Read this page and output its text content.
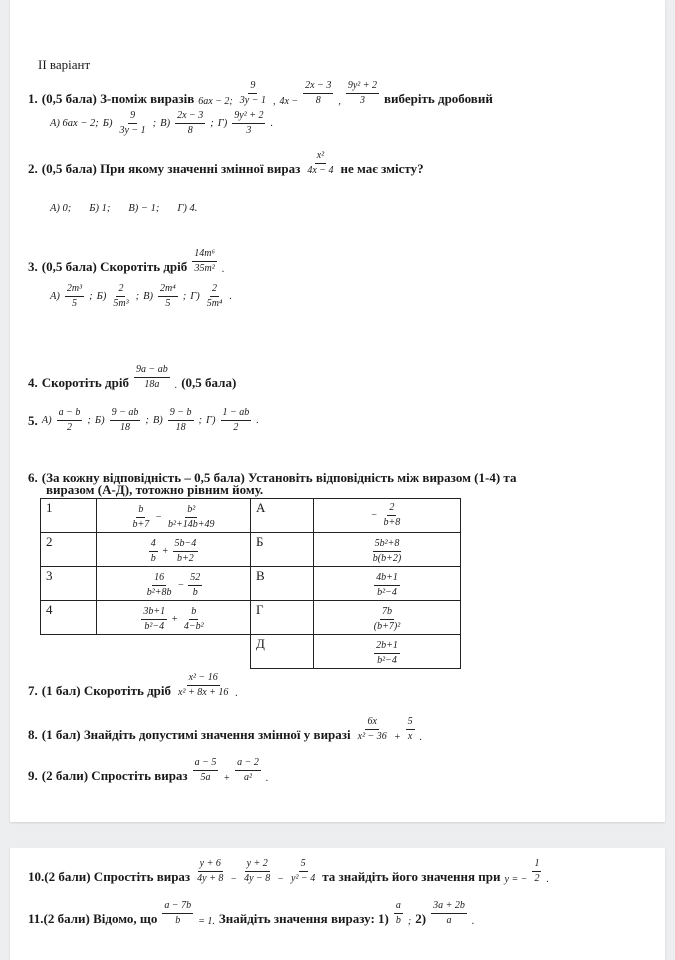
II варіант
1. (0,5 бала) З-поміж виразів 6ax − 2; $\frac{9}{3y - 1}$ , $4x - \frac{2x - 3}{8}$ , $\frac{\text{9y² + 2}}{3}$ виберіть дробовий
А) 6ax − 2; $Б) \frac{9}{3y - 1}$ ; $В) \frac{2x - 3}{8}$ ; $Г) \frac{\text{9y² + 2}}{3}$ .
2. (0,5 бала) При якому значенні змінної вираз $\frac{\text{x²}}{4x - 4}$ не має змісту?
А) 0; Б) 1; В) − 1; Г) 4.
3. (0,5 бала) Скоротіть дріб $\frac{\text{14m⁶}}{\text{35m²}}$ .
$А) \frac{\text{2m³}}{5}$ ; $Б) \frac{2}{\text{5m³}}$ ; $В) \frac{\text{2m⁴}}{5}$ ; $Г) \frac{2}{\text{5m⁴}}$ .
4. Скоротіть дріб $\frac{9a - ab}{18a}$ . (0,5 бала)
5. $А) \frac{a - b}{2}$ ; $Б) \frac{9 - ab}{18}$ ; $В) \frac{9 - b}{18}$ ; $Г) \frac{1 - ab}{2}$ .
6. (За кожну відповідність – 0,5 бала) Установіть відповідність між виразом (1-4) та
виразом (А-Д), тотожно рівним йому.
1	$\frac{b}{b+7} - \frac{\text{b²}}{\text{b²+14b+49}}$	А	− $\frac{2}{b+8}$

2	$\frac{4}{b} + \frac{5b-4}{b+2}$	Б	$\frac{\text{5b²+8}}{b(b+2)}$

3	$\frac{16}{\text{b²+8b}} - \frac{52}{b}$	В	$\frac{4b+1}{\text{b²−4}}$

4	$\frac{3b+1}{\text{b²−4}} + \frac{b}{\text{4−b²}}$	Г	$\frac{7b}{\text{(b+7)²}}$

		Д	$\frac{2b+1}{\text{b²−4}}$
7. (1 бал) Скоротіть дріб $\frac{\text{x² − 16}}{\text{x² + 8x + 16}}$ .
8. (1 бал) Знайдіть допустимі значення змінної у виразі $\frac{6x}{\text{x² − 36}} + \frac{5}{x}$ .
9. (2 бали) Спростіть вираз $\frac{a - 5}{5a} + \frac{a - 2}{\text{a²}}$ .
10.(2 бали) Спростіть вираз $\frac{y + 6}{4y + 8} - \frac{y + 2}{4y - 8} - \frac{5}{\text{y² − 4}}$ та знайдіть його значення при y = − $\frac{1}{2}$ .
11.(2 бали) Відомо, що $\frac{a - 7b}{b} = 1$. Знайдіть значення виразу: $1) \frac{a}{b}$ ; $2) \frac{3a + 2b}{a}$ .
